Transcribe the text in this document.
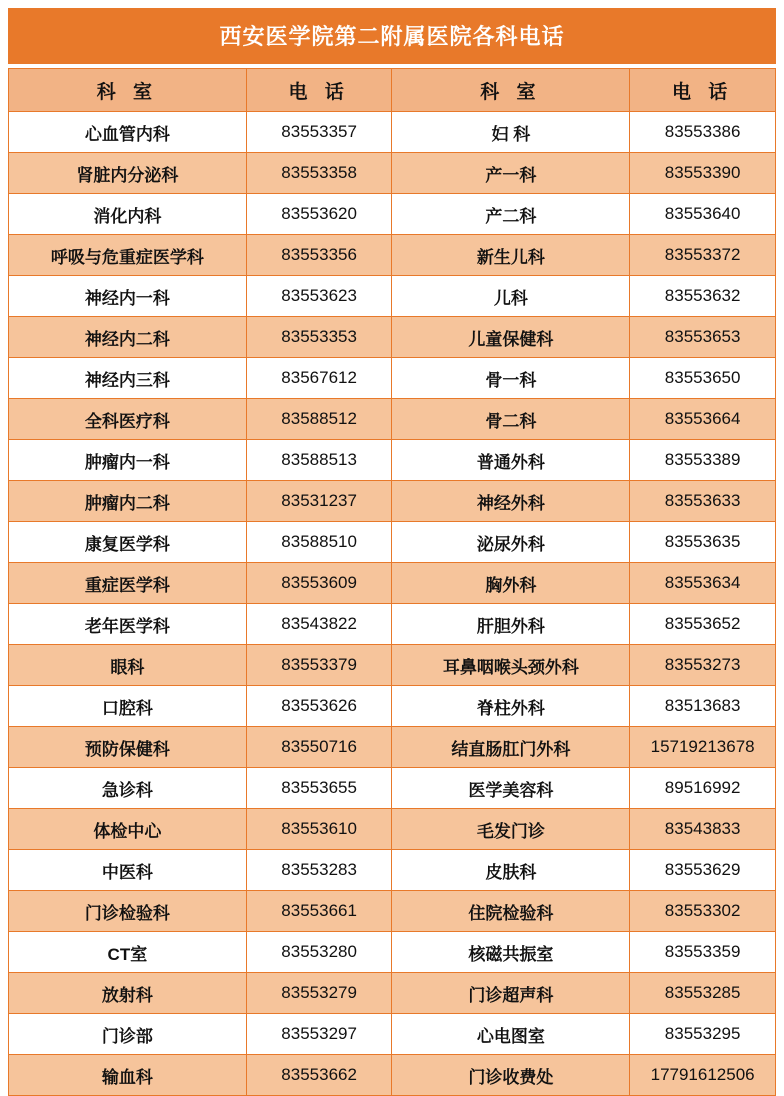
西安医学院第二附属医院各科电话
科 室	电 话	科 室	电 话
心血管内科	83553357	妇 科	83553386
肾脏内分泌科	83553358	产一科	83553390
消化内科	83553620	产二科	83553640
呼吸与危重症医学科	83553356	新生儿科	83553372
神经内一科	83553623	儿科	83553632
神经内二科	83553353	儿童保健科	83553653
神经内三科	83567612	骨一科	83553650
全科医疗科	83588512	骨二科	83553664
肿瘤内一科	83588513	普通外科	83553389
肿瘤内二科	83531237	神经外科	83553633
康复医学科	83588510	泌尿外科	83553635
重症医学科	83553609	胸外科	83553634
老年医学科	83543822	肝胆外科	83553652
眼科	83553379	耳鼻咽喉头颈外科	83553273
口腔科	83553626	脊柱外科	83513683
预防保健科	83550716	结直肠肛门外科	15719213678
急诊科	83553655	医学美容科	89516992
体检中心	83553610	毛发门诊	83543833
中医科	83553283	皮肤科	83553629
门诊检验科	83553661	住院检验科	83553302
CT室	83553280	核磁共振室	83553359
放射科	83553279	门诊超声科	83553285
门诊部	83553297	心电图室	83553295
输血科	83553662	门诊收费处	17791612506
